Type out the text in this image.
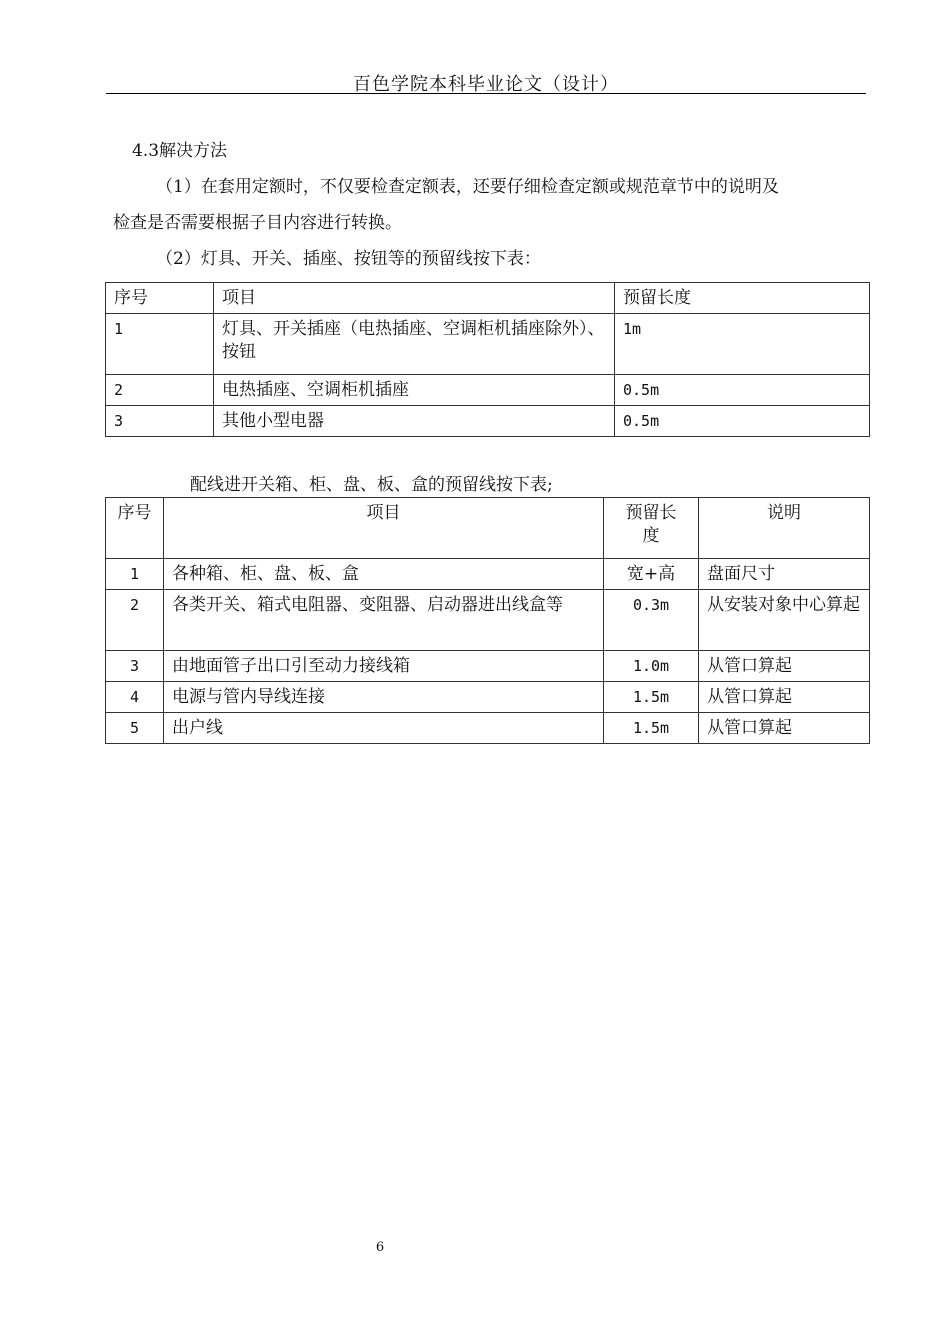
百色学院本科毕业论文（设计）
4.3解决方法
（1）在套用定额时，不仅要检查定额表，还要仔细检查定额或规范章节中的说明及
检查是否需要根据子目内容进行转换。
（2）灯具、开关、插座、按钮等的预留线按下表：
序号	项目	预留长度
1	灯具、开关插座（电热插座、空调柜机插座除外）、按钮	1m
2	电热插座、空调柜机插座	0.5m
3	其他小型电器	0.5m
配线进开关箱、柜、盘、板、盒的预留线按下表;
序号	项目	预留长度	说明
1	各种箱、柜、盘、板、盒	宽+高	盘面尺寸
2	各类开关、箱式电阻器、变阻器、启动器进出线盒等	0.3m	从安装对象中心算起
3	由地面管子出口引至动力接线箱	1.0m	从管口算起
4	电源与管内导线连接	1.5m	从管口算起
5	出户线	1.5m	从管口算起
6
